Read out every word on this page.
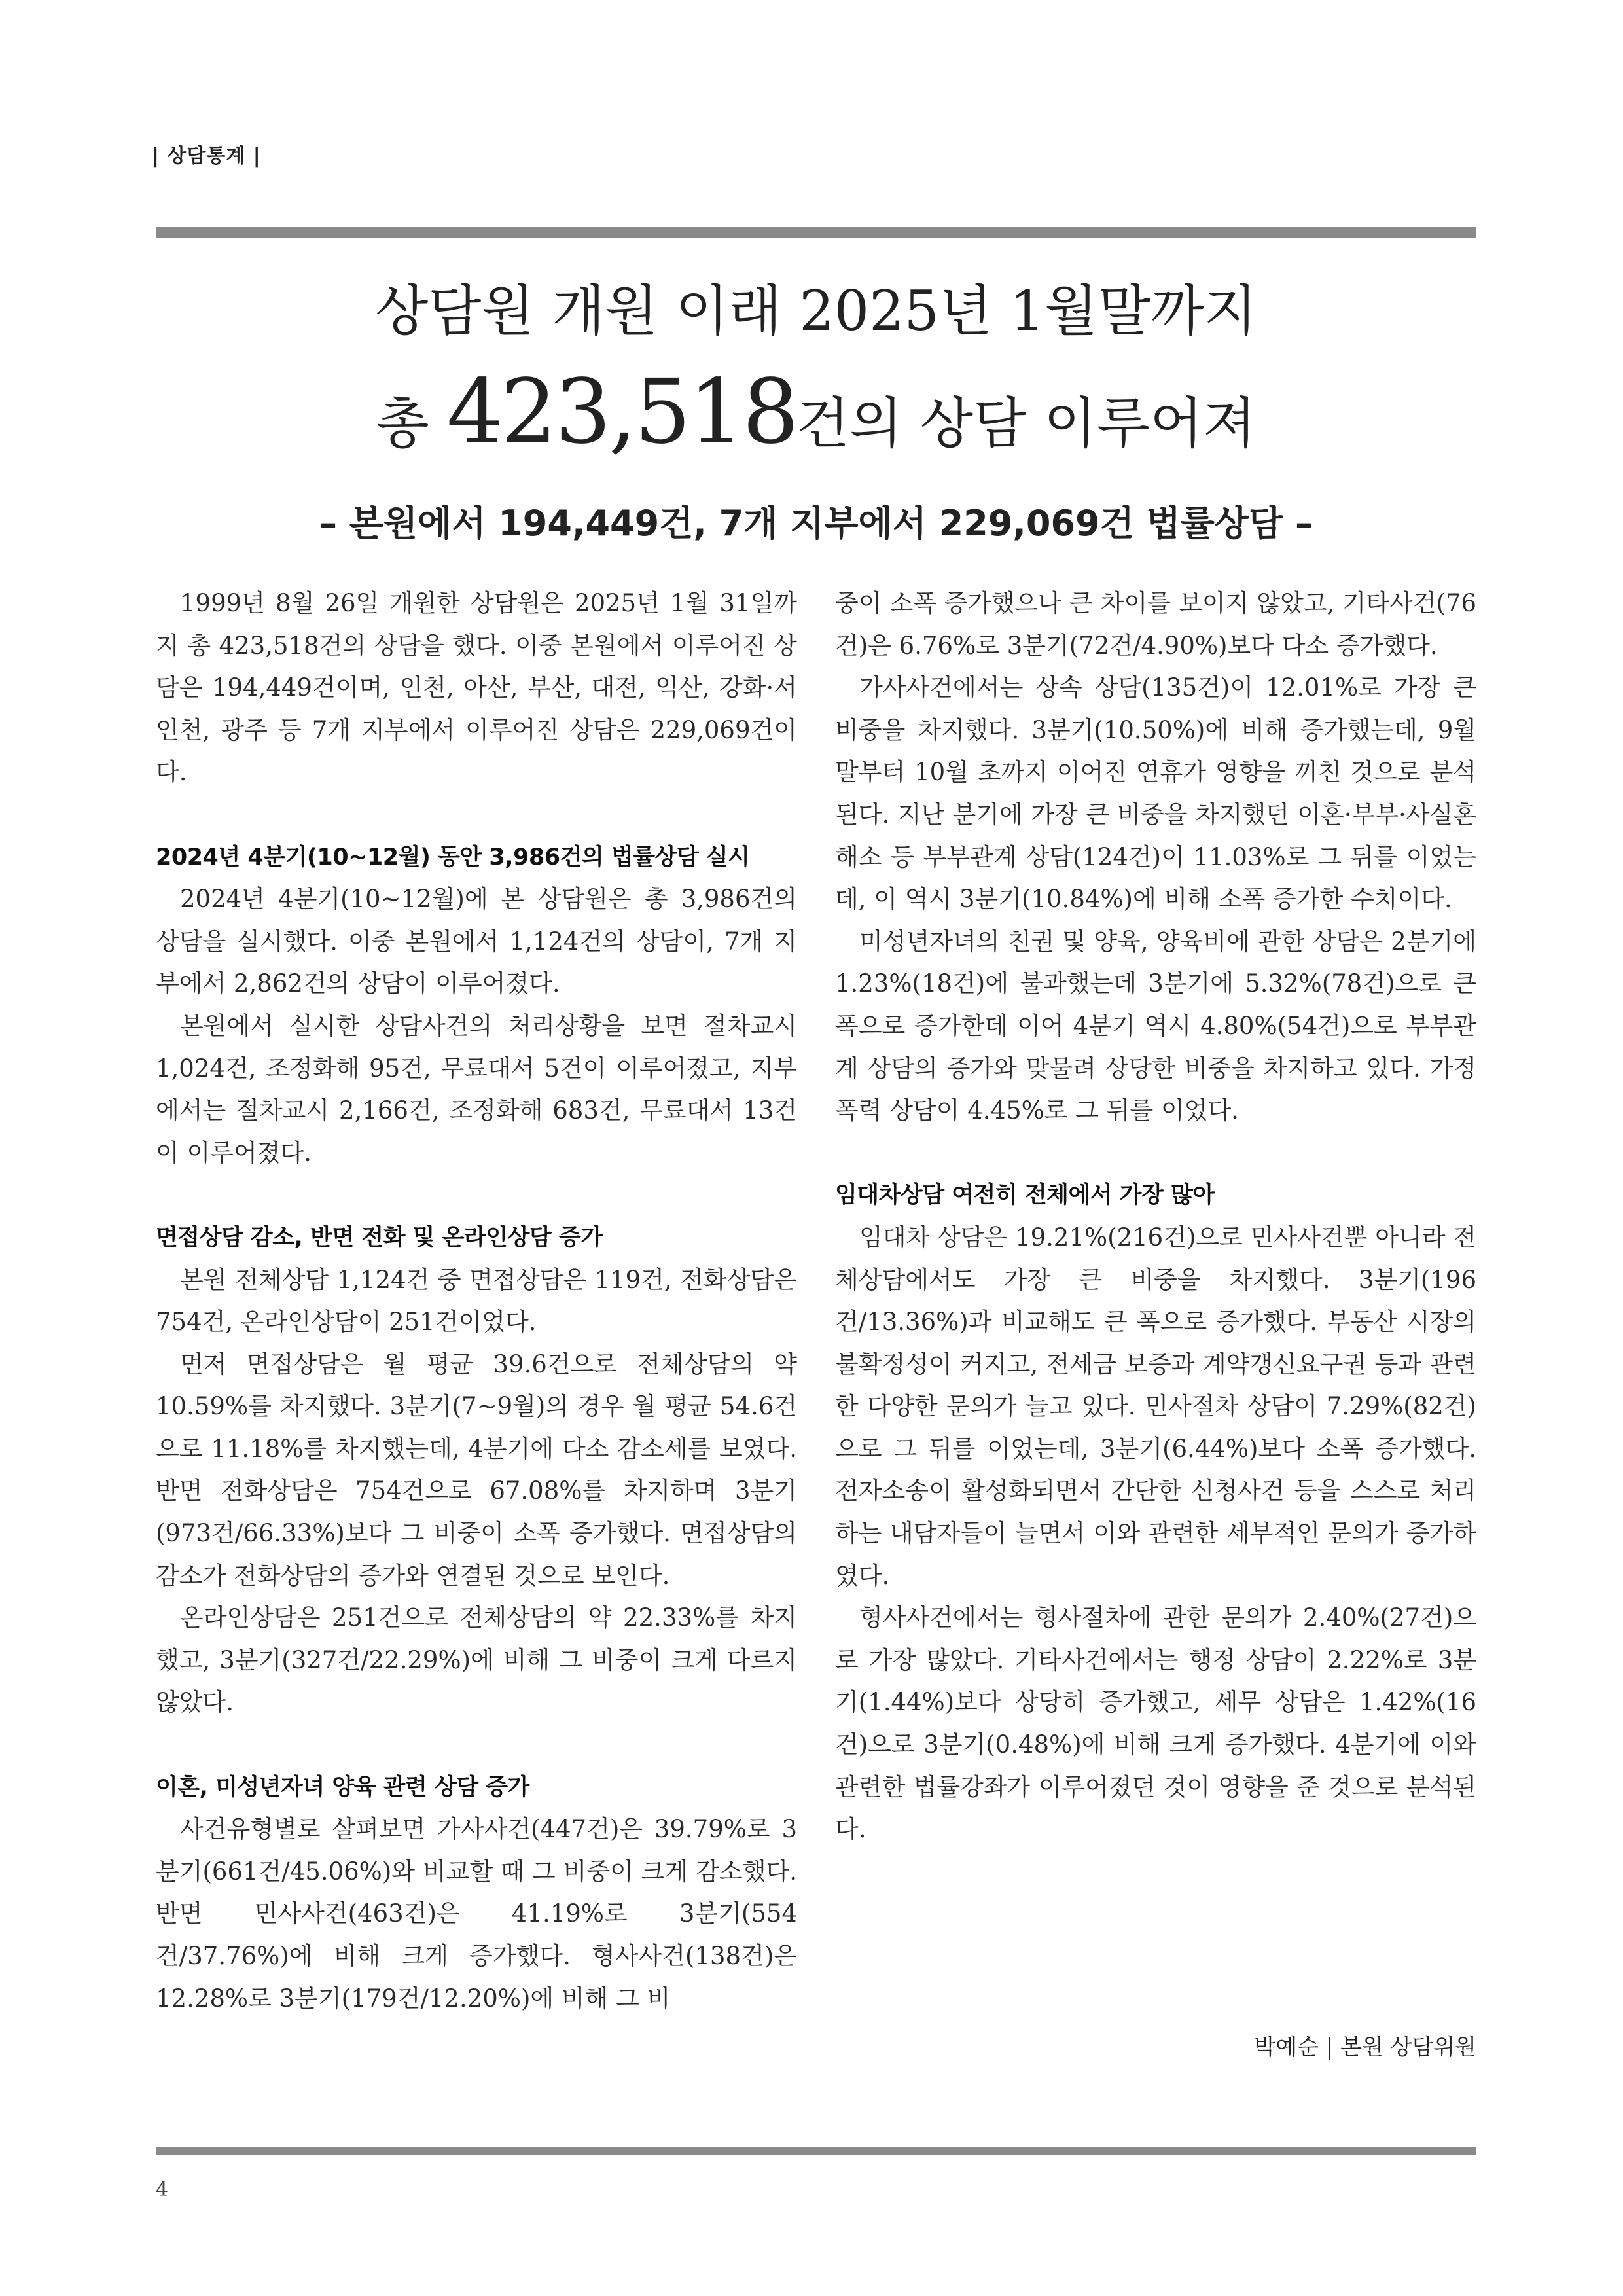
| 상담통계 |
상담원 개원 이래 2025년 1월말까지
총 423,518건의 상담 이루어져
– 본원에서 194,449건, 7개 지부에서 229,069건 법률상담 –

1999년 8월 26일 개원한 상담원은 2025년 1월 31일까지 총 423,518건의 상담을 했다. 이중 본원에서 이루어진 상담은 194,449건이며, 인천, 아산, 부산, 대전, 익산, 강화·서인천, 광주 등 7개 지부에서 이루어진 상담은 229,069건이다.

2024년 4분기(10~12월) 동안 3,986건의 법률상담 실시

2024년 4분기(10~12월)에 본 상담원은 총 3,986건의 상담을 실시했다. 이중 본원에서 1,124건의 상담이, 7개 지부에서 2,862건의 상담이 이루어졌다.

본원에서 실시한 상담사건의 처리상황을 보면 절차교시 1,024건, 조정화해 95건, 무료대서 5건이 이루어졌고, 지부에서는 절차교시 2,166건, 조정화해 683건, 무료대서 13건이 이루어졌다.

면접상담 감소, 반면 전화 및 온라인상담 증가

본원 전체상담 1,124건 중 면접상담은 119건, 전화상담은 754건, 온라인상담이 251건이었다.

먼저 면접상담은 월 평균 39.6건으로 전체상담의 약 10.59%를 차지했다. 3분기(7~9월)의 경우 월 평균 54.6건으로 11.18%를 차지했는데, 4분기에 다소 감소세를 보였다. 반면 전화상담은 754건으로 67.08%를 차지하며 3분기(973건/66.33%)보다 그 비중이 소폭 증가했다. 면접상담의 감소가 전화상담의 증가와 연결된 것으로 보인다.

온라인상담은 251건으로 전체상담의 약 22.33%를 차지했고, 3분기(327건/22.29%)에 비해 그 비중이 크게 다르지 않았다.

이혼, 미성년자녀 양육 관련 상담 증가

사건유형별로 살펴보면 가사사건(447건)은 39.79%로 3분기(661건/45.06%)와 비교할 때 그 비중이 크게 감소했다. 반면 민사사건(463건)은 41.19%로 3분기(554건/37.76%)에 비해 크게 증가했다. 형사사건(138건)은 12.28%로 3분기(179건/12.20%)에 비해 그 비

중이 소폭 증가했으나 큰 차이를 보이지 않았고, 기타사건(76건)은 6.76%로 3분기(72건/4.90%)보다 다소 증가했다.

가사사건에서는 상속 상담(135건)이 12.01%로 가장 큰 비중을 차지했다. 3분기(10.50%)에 비해 증가했는데, 9월 말부터 10월 초까지 이어진 연휴가 영향을 끼친 것으로 분석된다. 지난 분기에 가장 큰 비중을 차지했던 이혼·부부·사실혼해소 등 부부관계 상담(124건)이 11.03%로 그 뒤를 이었는데, 이 역시 3분기(10.84%)에 비해 소폭 증가한 수치이다.

미성년자녀의 친권 및 양육, 양육비에 관한 상담은 2분기에 1.23%(18건)에 불과했는데 3분기에 5.32%(78건)으로 큰 폭으로 증가한데 이어 4분기 역시 4.80%(54건)으로 부부관계 상담의 증가와 맞물려 상당한 비중을 차지하고 있다. 가정폭력 상담이 4.45%로 그 뒤를 이었다.

임대차상담 여전히 전체에서 가장 많아

임대차 상담은 19.21%(216건)으로 민사사건뿐 아니라 전체상담에서도 가장 큰 비중을 차지했다. 3분기(196건/13.36%)과 비교해도 큰 폭으로 증가했다. 부동산 시장의 불확정성이 커지고, 전세금 보증과 계약갱신요구권 등과 관련한 다양한 문의가 늘고 있다. 민사절차 상담이 7.29%(82건)으로 그 뒤를 이었는데, 3분기(6.44%)보다 소폭 증가했다. 전자소송이 활성화되면서 간단한 신청사건 등을 스스로 처리하는 내담자들이 늘면서 이와 관련한 세부적인 문의가 증가하였다.

형사사건에서는 형사절차에 관한 문의가 2.40%(27건)으로 가장 많았다. 기타사건에서는 행정 상담이 2.22%로 3분기(1.44%)보다 상당히 증가했고, 세무 상담은 1.42%(16건)으로 3분기(0.48%)에 비해 크게 증가했다. 4분기에 이와 관련한 법률강좌가 이루어졌던 것이 영향을 준 것으로 분석된다.

박예순 | 본원 상담위원
4
